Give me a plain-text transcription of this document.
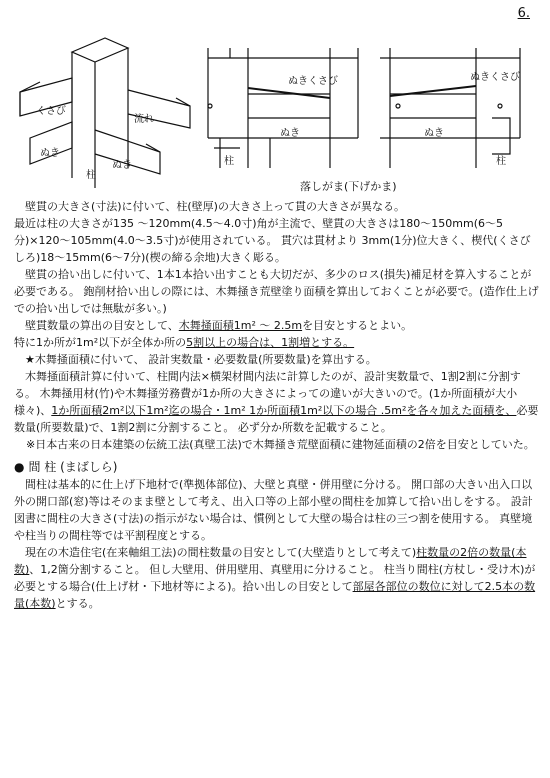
6.
くさび
流れ
ぬき
柱
ぬき
ぬきくさび
ぬき
柱
ぬきくさび
ぬき
柱
落しがま(下げかま)

壁貫の大きさ(寸法)に付いて、柱(壁厚)の大きさ上って貫の大きさが異なる。

最近は柱の大きさが135 〜120mm(4.5〜4.0寸)角が主流で、壁貫の大きさは180〜150mm(6〜5分)×120〜105mm(4.0〜3.5寸)が使用されている。 貫穴は貫材より 3mm(1分)位大きく、楔代(くさびしろ)18〜15mm(6〜7分)(楔の締る余地)大きく彫る。

壁貫の拾い出しに付いて、1本1本拾い出すことも大切だが、多少のロス(損失)補足材を算入することが必要である。 鉋削材拾い出しの際には、木舞掻き荒壁塗り面積を算出しておくことが必要で。(造作仕上げでの拾い出しでは無駄が多い。)

壁貫数量の算出の目安として、木舞掻面積1m² 〜 2.5mを目安とするとよい。

特に1か所が1m²以下が全体か所の5割以上の場合は、1割増とする。

★木舞掻面積に付いて、 設計実数量・必要数量(所要数量)を算出する。

木舞掻面積計算に付いて、柱間内法×横架材間内法に計算したのが、設計実数量で、1割2割に分割する。 木舞掻用材(竹)や木舞掻労務費が1か所の大きさによっての違いが大きいので。(1か所面積が大小様々)、1か所面積2m²以下1m²迄の場合・1m² 1か所面積1m²以下の場合 .5m²を各々加えた面積を、必要数量(所要数量)で、1割2割に分割すること。 必ず分か所数を記載すること。

※日本古来の日本建築の伝統工法(真壁工法)で木舞掻き荒壁面積に建物延面積の2倍を目安としていた。

● 間 柱 (まばしら)

間柱は基本的に仕上げ下地材で(準拠体部位)、大壁と真壁・併用壁に分ける。 開口部の大きい出入口以外の開口部(窓)等はそのまま壁として考え、出入口等の上部小壁の間柱を加算して拾い出しをする。 設計図書に間柱の大きさ(寸法)の指示がない場合は、慣例として大壁の場合は柱の三つ割を使用する。 真壁境や柱当りの間柱等では平割程度とする。

現在の木造住宅(在来軸組工法)の間柱数量の目安として(大壁造りとして考えて)柱数量の2倍の数量(本数)、1,2箇分割すること。 但し大壁用、併用壁用、真壁用に分けること。 柱当り間柱(方杖し・受け木)が必要とする場合(仕上げ材・下地材等による)。拾い出しの目安として部屋各部位の数位に対して2.5本の数量(本数)とする。
